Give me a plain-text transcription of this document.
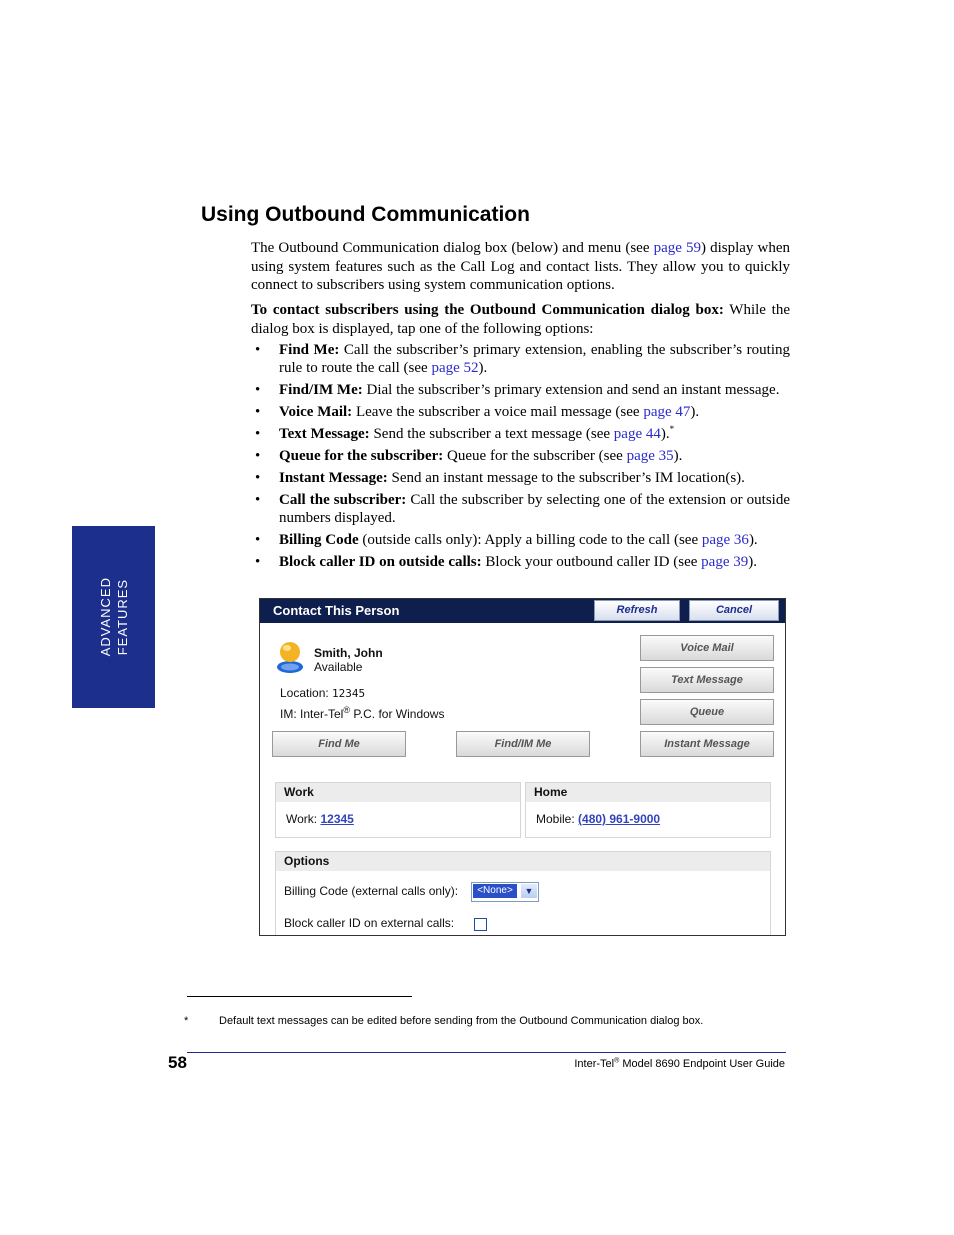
ADVANCED FEATURES
Using Outbound Communication

The Outbound Communication dialog box (below) and menu (see page 59) display when using system features such as the Call Log and contact lists. They allow you to quickly connect to subscribers using system communication options.

To contact subscribers using the Outbound Communication dialog box: While the dialog box is displayed, tap one of the following options:

• Find Me: Call the subscriber’s primary extension, enabling the subscriber’s routing rule to route the call (see page 52).
• Find/IM Me: Dial the subscriber’s primary extension and send an instant message.
• Voice Mail: Leave the subscriber a voice mail message (see page 47).
• Text Message: Send the subscriber a text message (see page 44).*
• Queue for the subscriber: Queue for the subscriber (see page 35).
• Instant Message: Send an instant message to the subscriber’s IM location(s).
• Call the subscriber: Call the subscriber by selecting one of the extension or outside numbers displayed.
• Billing Code (outside calls only): Apply a billing code to the call (see page 36).
• Block caller ID on outside calls: Block your outbound caller ID (see page 39).
Contact This Person	Refresh	Cancel
Smith, John
Available
Location: 12345
IM: Inter-Tel® P.C. for Windows
Voice Mail
Text Message
Queue
Find Me	Find/IM Me	Instant Message
Work
Work: 12345
Home
Mobile: (480) 961-9000
Options
Billing Code (external calls only):	<None>	▼
Block caller ID on external calls:
*	Default text messages can be edited before sending from the Outbound Communication dialog box.
58	Inter-Tel® Model 8690 Endpoint User Guide
